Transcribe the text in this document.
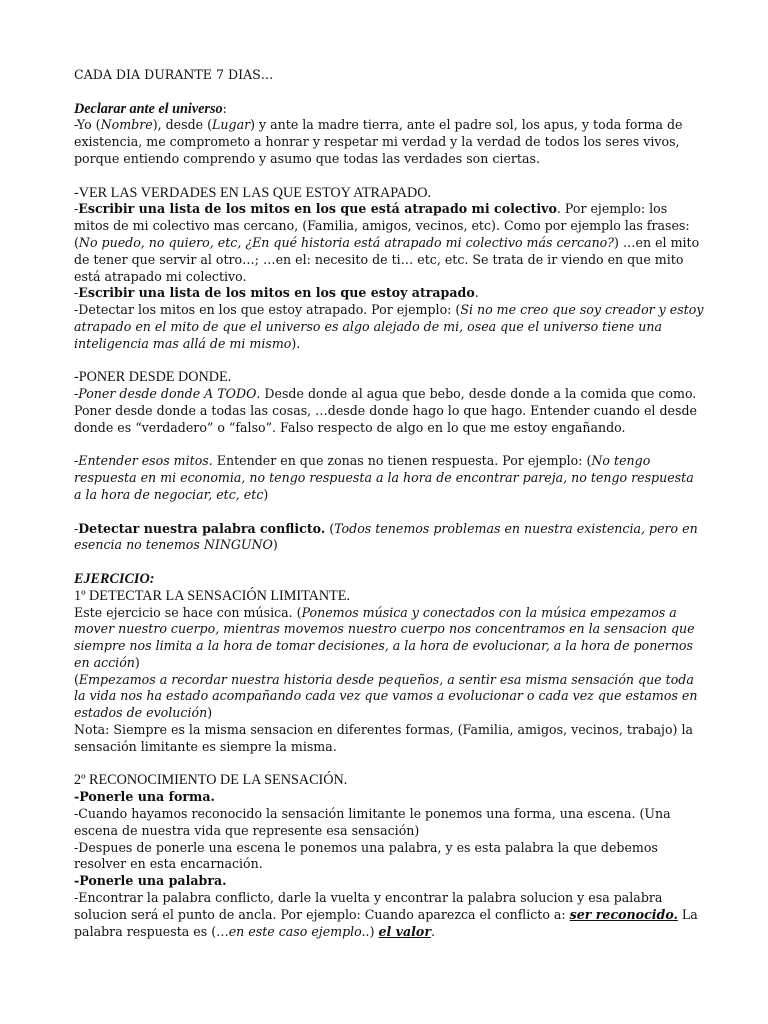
CADA DIA DURANTE 7 DIAS…

Declarar ante el universo:

-Yo (Nombre), desde (Lugar) y ante la madre tierra, ante el padre sol, los apus, y toda forma de existencia, me comprometo a honrar y respetar mi verdad y la verdad de todos los seres vivos, porque entiendo comprendo y asumo que todas las verdades son ciertas.

-VER LAS VERDADES EN LAS QUE ESTOY ATRAPADO.

-Escribir una lista de los mitos en los que está atrapado mi colectivo. Por ejemplo: los mitos de mi colectivo mas cercano, (Familia, amigos, vecinos, etc). Como por ejemplo las frases: (No puedo, no quiero, etc, ¿En qué historia está atrapado mi colectivo más cercano?) …en el mito de tener que servir al otro…; …en el: necesito de ti… etc, etc. Se trata de ir viendo en que mito está atrapado mi colectivo.

-Escribir una lista de los mitos en los que estoy atrapado.

-Detectar los mitos en los que estoy atrapado. Por ejemplo: (Si no me creo que soy creador y estoy atrapado en el mito de que el universo es algo alejado de mi, osea que el universo tiene una inteligencia mas allá de mi mismo).

-PONER DESDE DONDE.

-Poner desde donde A TODO. Desde donde al agua que bebo, desde donde a la comida que como. Poner desde donde a todas las cosas, …desde donde hago lo que hago. Entender cuando el desde donde es “verdadero” o “falso”. Falso respecto de algo en lo que me estoy engañando.

-Entender esos mitos. Entender en que zonas no tienen respuesta. Por ejemplo: (No tengo respuesta en mi economia, no tengo respuesta a la hora de encontrar pareja, no tengo respuesta a la hora de negociar, etc, etc)

-Detectar nuestra palabra conflicto. (Todos tenemos problemas en nuestra existencia, pero en esencia no tenemos NINGUNO)

EJERCICIO:

1º DETECTAR LA SENSACIÓN LIMITANTE.

Este ejercicio se hace con música. (Ponemos música y conectados con la música empezamos a mover nuestro cuerpo, mientras movemos nuestro cuerpo nos concentramos en la sensacion que siempre nos limita a la hora de tomar decisiones, a la hora de evolucionar, a la hora de ponernos en acción)

(Empezamos a recordar nuestra historia desde pequeños, a sentir esa misma sensación que toda la vida nos ha estado acompañando cada vez que vamos a evolucionar o cada vez que estamos en estados de evolución)

Nota: Siempre es la misma sensacion en diferentes formas, (Familia, amigos, vecinos, trabajo) la sensación limitante es siempre la misma.

2º RECONOCIMIENTO DE LA SENSACIÓN.

-Ponerle una forma.

-Cuando hayamos reconocido la sensación limitante le ponemos una forma, una escena. (Una escena de nuestra vida que represente esa sensación)

-Despues de ponerle una escena le ponemos una palabra, y es esta palabra la que debemos resolver en esta encarnación.

-Ponerle una palabra.

-Encontrar la palabra conflicto, darle la vuelta y encontrar la palabra solucion y esa palabra solucion será el punto de ancla. Por ejemplo: Cuando aparezca el conflicto a: ser reconocido. La palabra respuesta es (…en este caso ejemplo..) el valor.
